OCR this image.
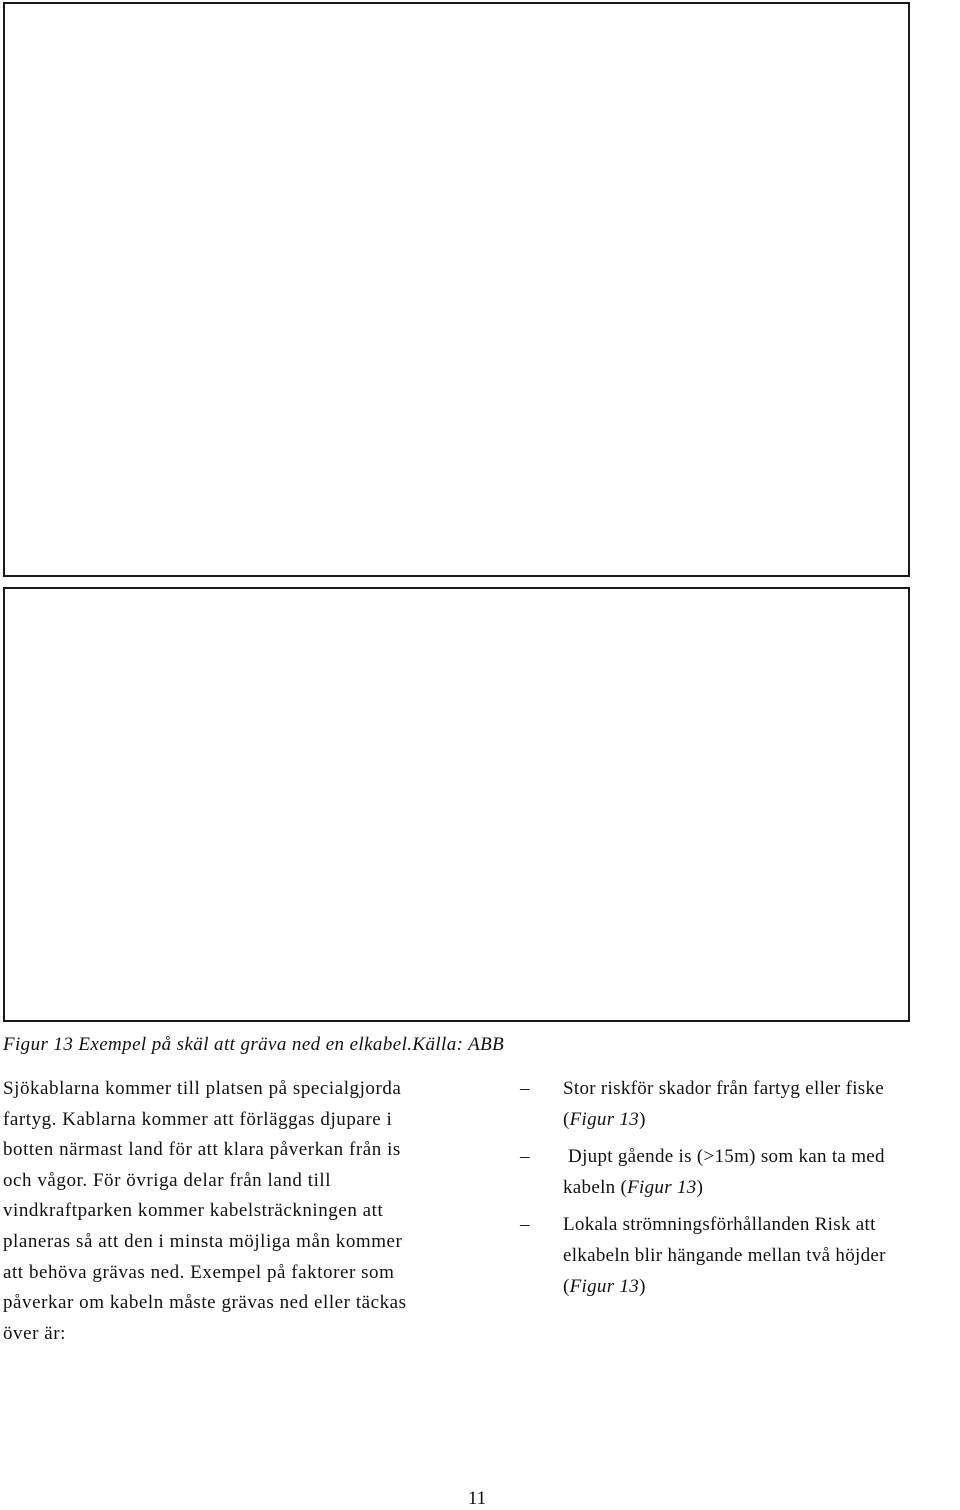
Figur 13 Exempel på skäl att gräva ned en elkabel.Källa: ABB

Sjökablarna kommer till platsen på specialgjorda
fartyg. Kablarna kommer att förläggas djupare i
botten närmast land för att klara påverkan från is
och vågor. För övriga delar från land till
vindkraftparken kommer kabelsträckningen att
planeras så att den i minsta möjliga mån kommer
att behöva grävas ned. Exempel på faktorer som
påverkar om kabeln måste grävas ned eller täckas
över är:

– Stor riskför skador från fartyg eller fiske
(Figur 13)
– Djupt gående is (>15m) som kan ta med
kabeln (Figur 13)
– Lokala strömningsförhållanden Risk att
elkabeln blir hängande mellan två höjder
(Figur 13)
11
